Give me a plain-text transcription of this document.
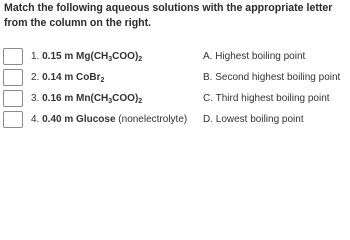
Match the following aqueous solutions with the appropriate letter from the column on the right.

1. 0.15 m $Mg(CH_3COO)_2$	A. Highest boiling point
2. 0.14 m CoBr$_2$	B. Second highest boiling point
3. 0.16 m $Mn(CH_3COO)_2$	C. Third highest boiling point
4. 0.40 m Glucose (nonelectrolyte) D. Lowest boiling point
